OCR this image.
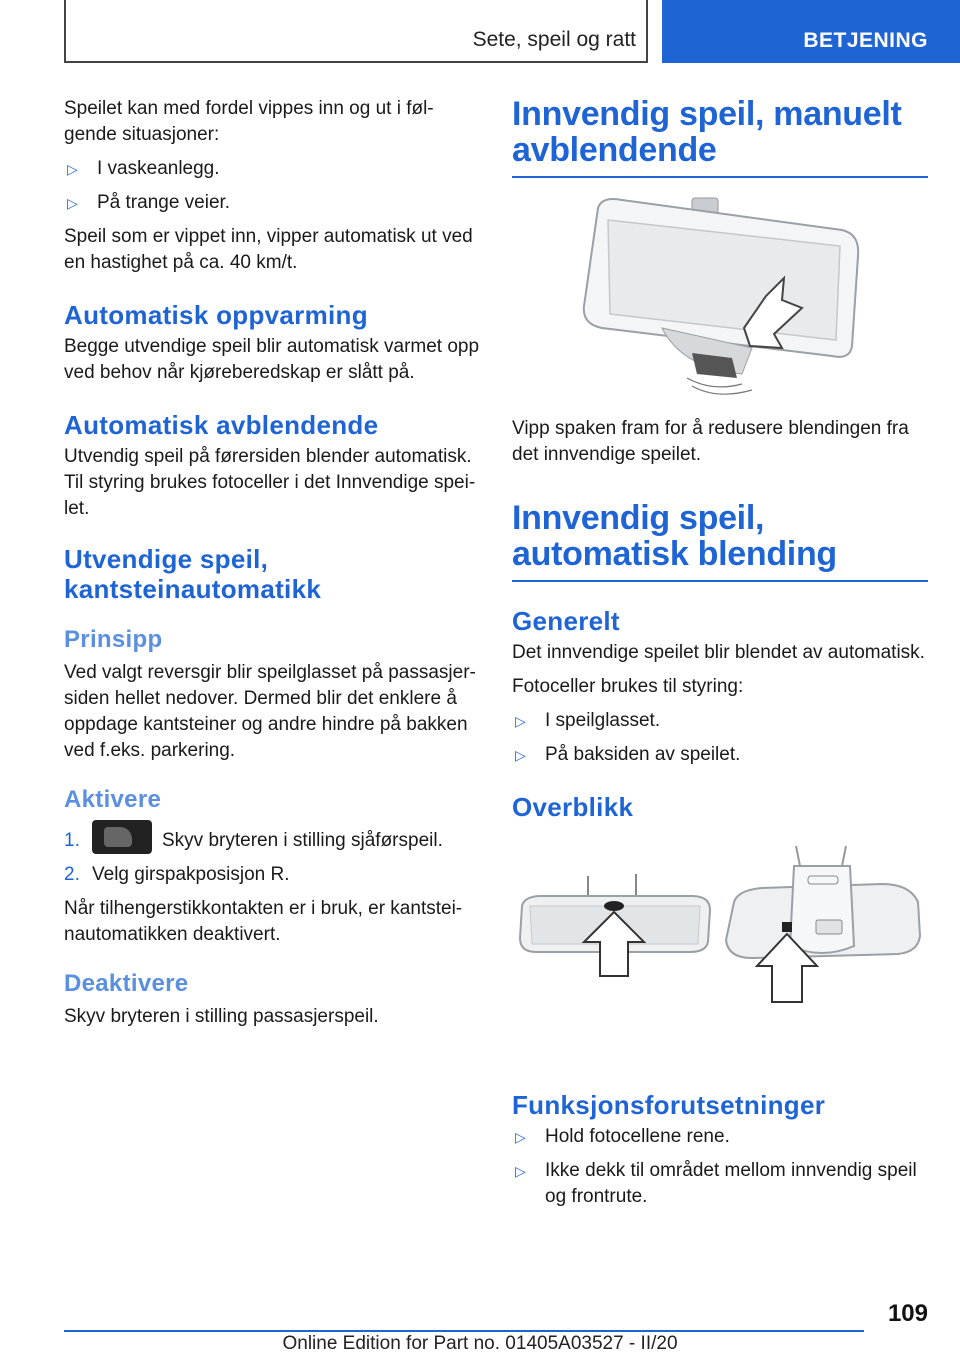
Sete, speil og ratt	BETJENING

Speilet kan med fordel vippes inn og ut i føl-gende situasjoner:

▷	I vaskeanlegg.
▷	På trange veier.

Speil som er vippet inn, vipper automatisk ut ved en hastighet på ca. 40 km/t.

Automatisk oppvarming

Begge utvendige speil blir automatisk varmet opp ved behov når kjøreberedskap er slått på.

Automatisk avblendende

Utvendig speil på førersiden blender automatisk. Til styring brukes fotoceller i det Innvendige spei-let.

Utvendige speil, kantsteinautomatikk
Prinsipp

Ved valgt reversgir blir speilglasset på passasjer-siden hellet nedover. Dermed blir det enklere å oppdage kantsteiner og andre hindre på bakken ved f.eks. parkering.

Aktivere
1.	Skyv bryteren i stilling sjåførspeil.
2. Velg girspakposisjon R.

Når tilhengerstikkontakten er i bruk, er kantstei-nautomatikken deaktivert.

Deaktivere

Skyv bryteren i stilling passasjerspeil.

Innvendig speil, manuelt avblendende

Vipp spaken fram for å redusere blendingen fra det innvendige speilet.

Innvendig speil, automatisk blending
Generelt

Det innvendige speilet blir blendet av automatisk.

Fotoceller brukes til styring:

▷	I speilglasset.
▷	På baksiden av speilet.
Overblikk
Funksjonsforutsetninger
▷	Hold fotocellene rene.
▷	Ikke dekk til området mellom innvendig speil og frontrute.
109
Online Edition for Part no. 01405A03527 - II/20
